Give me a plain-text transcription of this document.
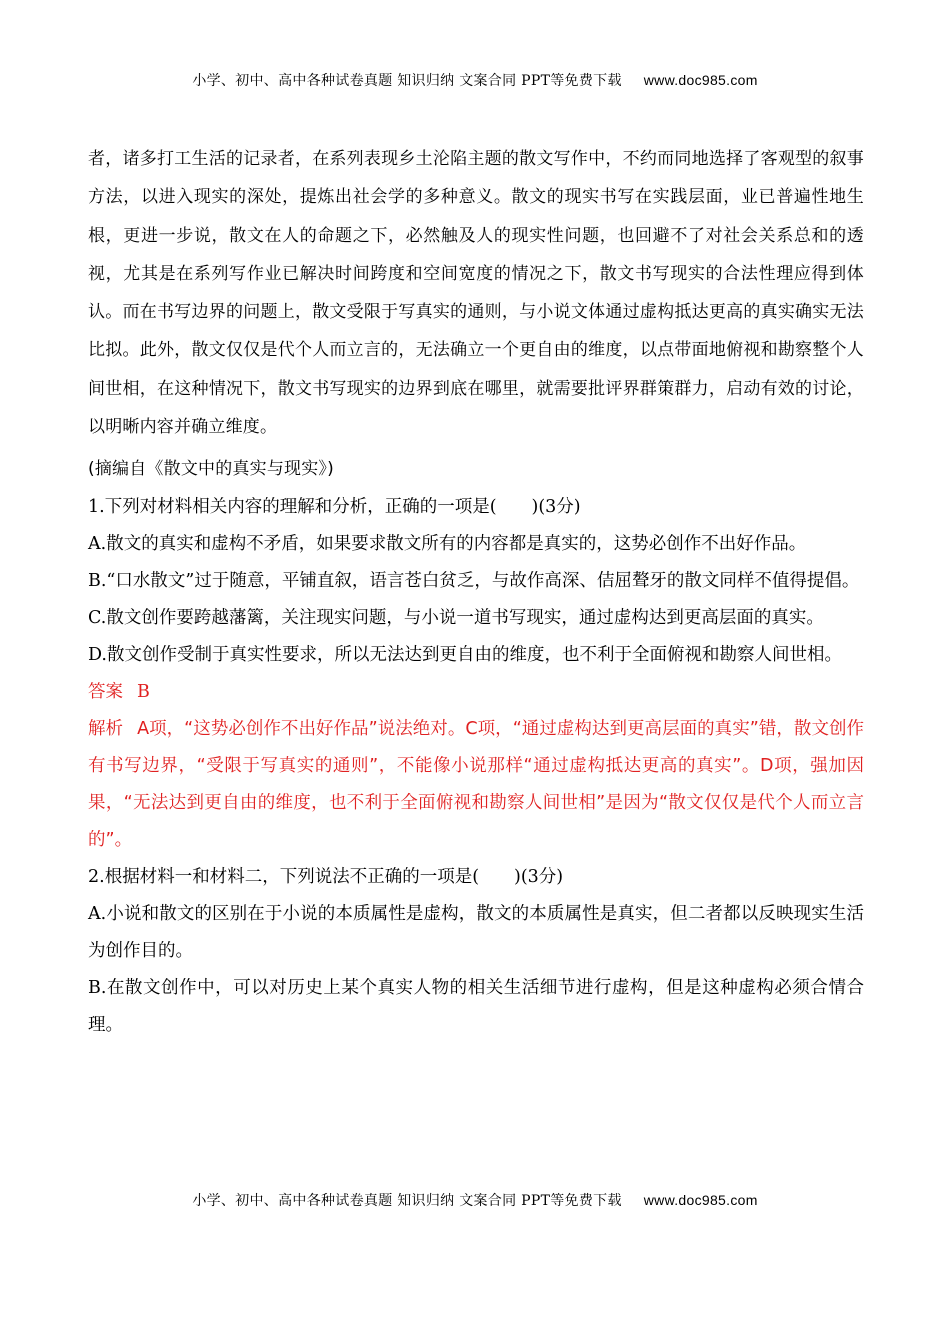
小学、初中、高中各种试卷真题 知识归纳 文案合同 PPT等免费下载 www.doc985.com

者，诸多打工生活的记录者，在系列表现乡土沦陷主题的散文写作中，不约而同地选择了客观型的叙事方法，以进入现实的深处，提炼出社会学的多种意义。散文的现实书写在实践层面，业已普遍性地生根，更进一步说，散文在人的命题之下，必然触及人的现实性问题，也回避不了对社会关系总和的透视，尤其是在系列写作业已解决时间跨度和空间宽度的情况之下，散文书写现实的合法性理应得到体认。而在书写边界的问题上，散文受限于写真实的通则，与小说文体通过虚构抵达更高的真实确实无法比拟。此外，散文仅仅是代个人而立言的，无法确立一个更自由的维度，以点带面地俯视和勘察整个人间世相，在这种情况下，散文书写现实的边界到底在哪里，就需要批评界群策群力，启动有效的讨论，以明晰内容并确立维度。

(摘编自《散文中的真实与现实》)

1.下列对材料相关内容的理解和分析，正确的一项是(　　)(3分)

A.散文的真实和虚构不矛盾，如果要求散文所有的内容都是真实的，这势必创作不出好作品。

B.“口水散文”过于随意，平铺直叙，语言苍白贫乏，与故作高深、佶屈聱牙的散文同样不值得提倡。

C.散文创作要跨越藩篱，关注现实问题，与小说一道书写现实，通过虚构达到更高层面的真实。

D.散文创作受制于真实性要求，所以无法达到更自由的维度，也不利于全面俯视和勘察人间世相。

答案 B

解析 A项，“这势必创作不出好作品”说法绝对。C项，“通过虚构达到更高层面的真实”错，散文创作有书写边界，“受限于写真实的通则”，不能像小说那样“通过虚构抵达更高的真实”。D项，强加因果，“无法达到更自由的维度，也不利于全面俯视和勘察人间世相”是因为“散文仅仅是代个人而立言的”。

2.根据材料一和材料二，下列说法不正确的一项是(　　)(3分)

A.小说和散文的区别在于小说的本质属性是虚构，散文的本质属性是真实，但二者都以反映现实生活为创作目的。

B.在散文创作中，可以对历史上某个真实人物的相关生活细节进行虚构，但是这种虚构必须合情合理。

小学、初中、高中各种试卷真题 知识归纳 文案合同 PPT等免费下载 www.doc985.com
